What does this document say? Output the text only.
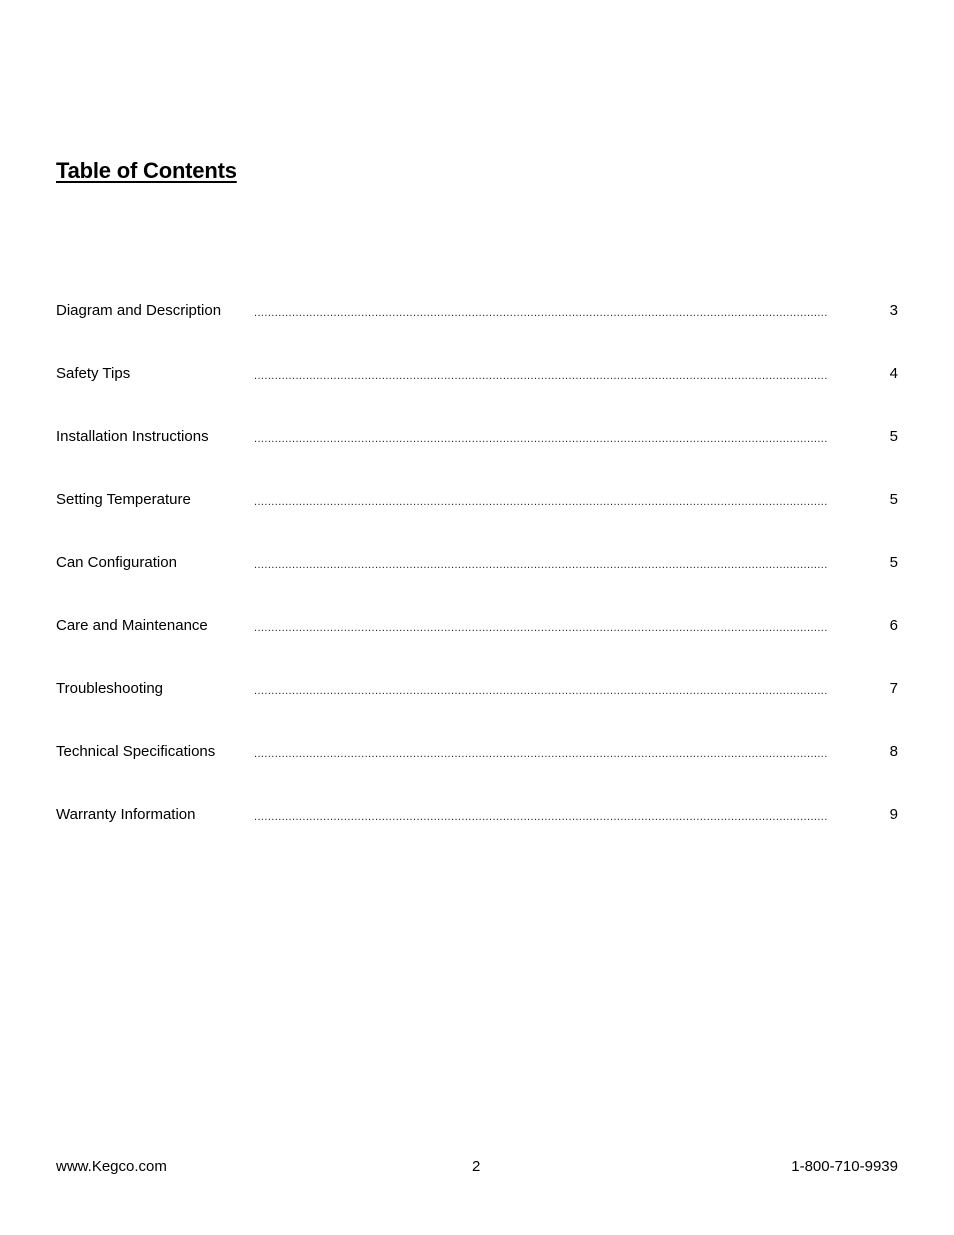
Table of Contents
Diagram and Description	......................................................................................................................................................................	3
Safety Tips	......................................................................................................................................................................	4
Installation Instructions	......................................................................................................................................................................	5
Setting Temperature	......................................................................................................................................................................	5
Can Configuration	......................................................................................................................................................................	5
Care and Maintenance	......................................................................................................................................................................	6
Troubleshooting	......................................................................................................................................................................	7
Technical Specifications	......................................................................................................................................................................	8
Warranty Information	......................................................................................................................................................................	9
www.Kegco.com	2	1-800-710-9939
